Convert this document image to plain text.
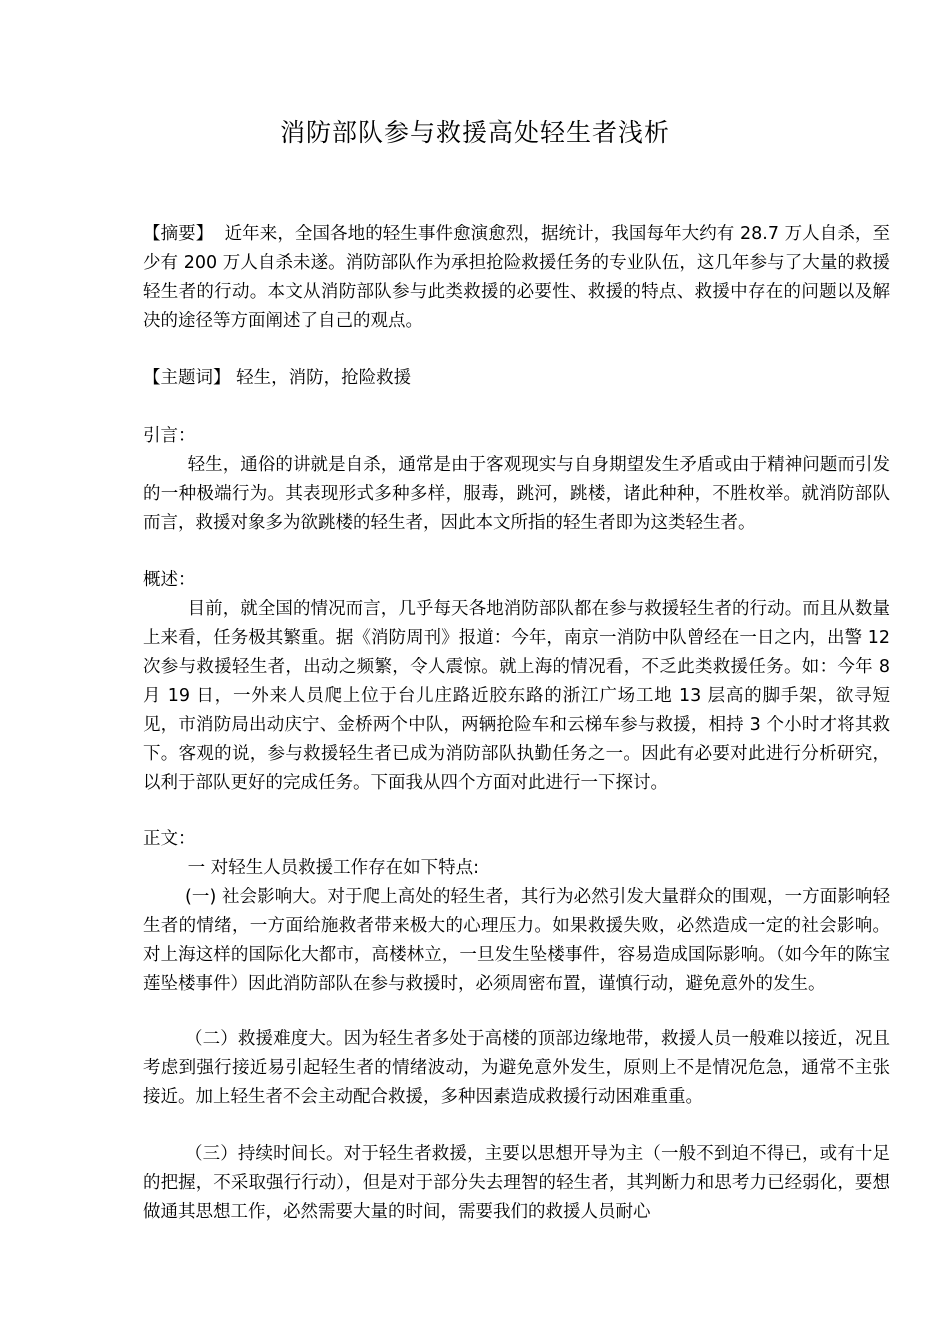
消防部队参与救援高处轻生者浅析

【摘要】 近年来，全国各地的轻生事件愈演愈烈，据统计，我国每年大约有 28.7 万人自杀，至少有 200 万人自杀未遂。消防部队作为承担抢险救援任务的专业队伍，这几年参与了大量的救援轻生者的行动。本文从消防部队参与此类救援的必要性、救援的特点、救援中存在的问题以及解决的途径等方面阐述了自己的观点。

【主题词】 轻生，消防，抢险救援

引言：

轻生，通俗的讲就是自杀，通常是由于客观现实与自身期望发生矛盾或由于精神问题而引发的一种极端行为。其表现形式多种多样，服毒，跳河，跳楼，诸此种种，不胜枚举。就消防部队而言，救援对象多为欲跳楼的轻生者，因此本文所指的轻生者即为这类轻生者。

概述：

目前，就全国的情况而言，几乎每天各地消防部队都在参与救援轻生者的行动。而且从数量上来看，任务极其繁重。据《消防周刊》报道：今年，南京一消防中队曾经在一日之内，出警 12 次参与救援轻生者，出动之频繁，令人震惊。就上海的情况看，不乏此类救援任务。如：今年 8 月 19 日，一外来人员爬上位于台儿庄路近胶东路的浙江广场工地 13 层高的脚手架，欲寻短见，市消防局出动庆宁、金桥两个中队，两辆抢险车和云梯车参与救援，相持 3 个小时才将其救下。客观的说，参与救援轻生者已成为消防部队执勤任务之一。因此有必要对此进行分析研究，以利于部队更好的完成任务。下面我从四个方面对此进行一下探讨。

正文：

一 对轻生人员救援工作存在如下特点:

(一) 社会影响大。对于爬上高处的轻生者，其行为必然引发大量群众的围观，一方面影响轻生者的情绪，一方面给施救者带来极大的心理压力。如果救援失败，必然造成一定的社会影响。对上海这样的国际化大都市，高楼林立，一旦发生坠楼事件，容易造成国际影响。（如今年的陈宝莲坠楼事件）因此消防部队在参与救援时，必须周密布置，谨慎行动，避免意外的发生。

（二）救援难度大。因为轻生者多处于高楼的顶部边缘地带，救援人员一般难以接近，况且考虑到强行接近易引起轻生者的情绪波动，为避免意外发生，原则上不是情况危急，通常不主张接近。加上轻生者不会主动配合救援，多种因素造成救援行动困难重重。

（三）持续时间长。对于轻生者救援，主要以思想开导为主（一般不到迫不得已，或有十足的把握，不采取强行行动），但是对于部分失去理智的轻生者，其判断力和思考力已经弱化，要想做通其思想工作，必然需要大量的时间，需要我们的救援人员耐心
